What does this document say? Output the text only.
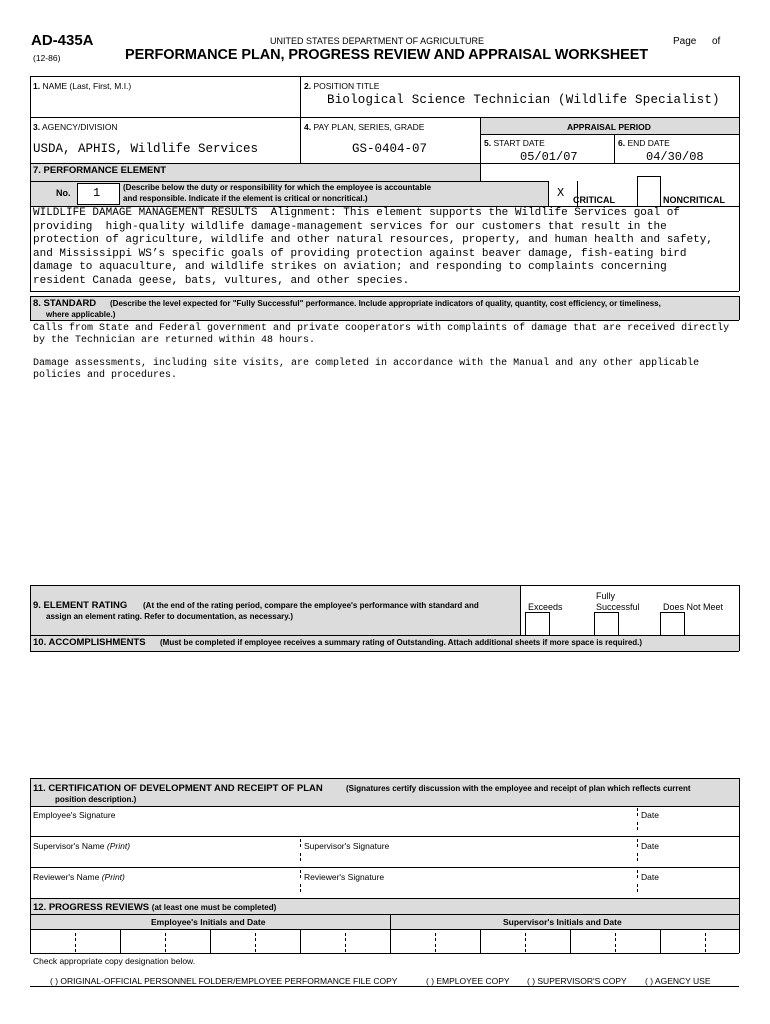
AD-435A
(12-86)
UNITED STATES DEPARTMENT OF AGRICULTURE
PERFORMANCE PLAN, PROGRESS REVIEW AND APPRAISAL WORKSHEET
Page of
1. NAME (Last, First, M.I.)	2. POSITION TITLE
Biological Science Technician (Wildlife Specialist)
3. AGENCY/DIVISION
USDA, APHIS, Wildlife Services
4. PAY PLAN, SERIES, GRADE
GS-0404-07
APPRAISAL PERIOD
5. START DATE
05/01/07
6. END DATE
04/30/08
7. PERFORMANCE ELEMENT
No. 1	(Describe below the duty or responsibility for which the employee is accountable
and responsible. Indicate if the element is critical or noncritical.)	X CRITICAL	NONCRITICAL
WILDLIFE DAMAGE MANAGEMENT RESULTS  Alignment: This element supports the Wildlife Services goal of
providing  high-quality wildlife damage-management services for our customers that result in the
protection of agriculture, wildlife and other natural resources, property, and human health and safety,
and Mississippi WS’s specific goals of providing protection against beaver damage, fish-eating bird
damage to aquaculture, and wildlife strikes on aviation; and responding to complaints concerning
resident Canada geese, bats, vultures, and other species.
8. STANDARD (Describe the level expected for "Fully Successful" performance. Include appropriate indicators of quality, quantity, cost efficiency, or timeliness,
where applicable.)
Calls from State and Federal government and private cooperators with complaints of damage that are received directly
by the Technician are returned within 48 hours.

Damage assessments, including site visits, are completed in accordance with the Manual and any other applicable
policies and procedures.
9. ELEMENT RATING (At the end of the rating period, compare the employee's performance with standard and
assign an element rating. Refer to documentation, as necessary.)
Exceeds
Fully
Successful	Does Not Meet
10. ACCOMPLISHMENTS (Must be completed if employee receives a summary rating of Outstanding. Attach additional sheets if more space is required.)
11. CERTIFICATION OF DEVELOPMENT AND RECEIPT OF PLAN	(Signatures certify discussion with the employee and receipt of plan which reflects current
position description.)
Employee's Signature	Date
Supervisor's Name (Print)	Supervisor's Signature	Date
Reviewer's Name (Print)	Reviewer's Signature	Date
12. PROGRESS REVIEWS (at least one must be completed)
Employee's Initials and Date	Supervisor's Initials and Date
Check appropriate copy designation below.
( ) ORIGINAL-OFFICIAL PERSONNEL FOLDER/EMPLOYEE PERFORMANCE FILE COPY	( ) EMPLOYEE COPY ( ) SUPERVISOR'S COPY ( ) AGENCY USE
